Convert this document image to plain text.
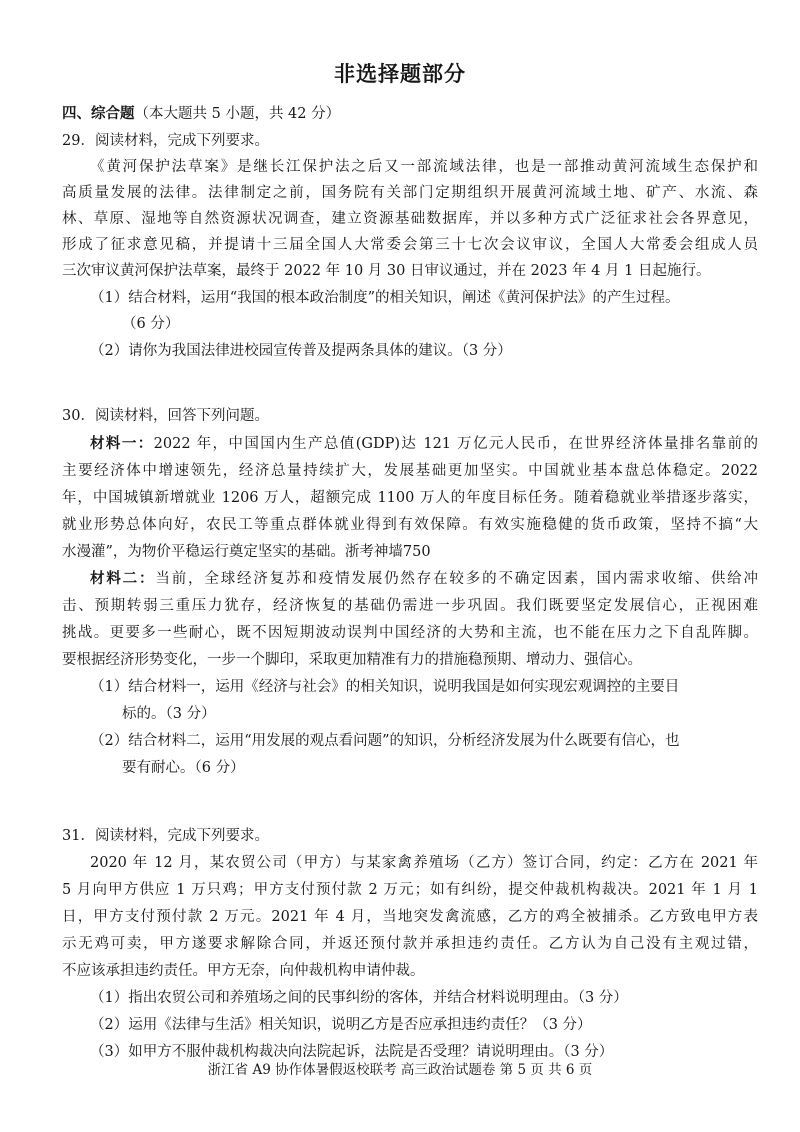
非选择题部分
四、综合题（本大题共 5 小题，共 42 分）
29．阅读材料，完成下列要求。
《黄河保护法草案》是继长江保护法之后又一部流域法律，也是一部推动黄河流域生态保护和
高质量发展的法律。法律制定之前，国务院有关部门定期组织开展黄河流域土地、矿产、水流、森
林、草原、湿地等自然资源状况调查，建立资源基础数据库，并以多种方式广泛征求社会各界意见，
形成了征求意见稿，并提请十三届全国人大常委会第三十七次会议审议，全国人大常委会组成人员
三次审议黄河保护法草案，最终于 2022 年 10 月 30 日审议通过，并在 2023 年 4 月 1 日起施行。
（1）结合材料，运用“我国的根本政治制度”的相关知识，阐述《黄河保护法》的产生过程。
（6 分）
（2）请你为我国法律进校园宣传普及提两条具体的建议。（3 分）
30．阅读材料，回答下列问题。
材料一：2022 年，中国国内生产总值(GDP)达 121 万亿元人民币，在世界经济体量排名靠前的
主要经济体中增速领先，经济总量持续扩大，发展基础更加坚实。中国就业基本盘总体稳定。2022
年，中国城镇新增就业 1206 万人，超额完成 1100 万人的年度目标任务。随着稳就业举措逐步落实，
就业形势总体向好，农民工等重点群体就业得到有效保障。有效实施稳健的货币政策，坚持不搞“大
水漫灌”，为物价平稳运行奠定坚实的基础。浙考神墙750
材料二：当前，全球经济复苏和疫情发展仍然存在较多的不确定因素，国内需求收缩、供给冲
击、预期转弱三重压力犹存，经济恢复的基础仍需进一步巩固。我们既要坚定发展信心，正视困难
挑战。更要多一些耐心，既不因短期波动误判中国经济的大势和主流，也不能在压力之下自乱阵脚。
要根据经济形势变化，一步一个脚印，采取更加精准有力的措施稳预期、增动力、强信心。
（1）结合材料一，运用《经济与社会》的相关知识，说明我国是如何实现宏观调控的主要目
标的。（3 分）
（2）结合材料二，运用“用发展的观点看问题”的知识，分析经济发展为什么既要有信心，也
要有耐心。（6 分）
31．阅读材料，完成下列要求。
2020 年 12 月，某农贸公司（甲方）与某家禽养殖场（乙方）签订合同，约定：乙方在 2021 年
5 月向甲方供应 1 万只鸡；甲方支付预付款 2 万元；如有纠纷，提交仲裁机构裁决。2021 年 1 月 1
日，甲方支付预付款 2 万元。2021 年 4 月，当地突发禽流感，乙方的鸡全被捕杀。乙方致电甲方表
示无鸡可卖，甲方遂要求解除合同，并返还预付款并承担违约责任。乙方认为自己没有主观过错，
不应该承担违约责任。甲方无奈，向仲裁机构申请仲裁。
（1）指出农贸公司和养殖场之间的民事纠纷的客体，并结合材料说明理由。（3 分）
（2）运用《法律与生活》相关知识，说明乙方是否应承担违约责任？（3 分）
（3）如甲方不服仲裁机构裁决向法院起诉，法院是否受理？请说明理由。（3 分）
浙江省 A9 协作体暑假返校联考 高三政治试题卷 第 5 页 共 6 页
